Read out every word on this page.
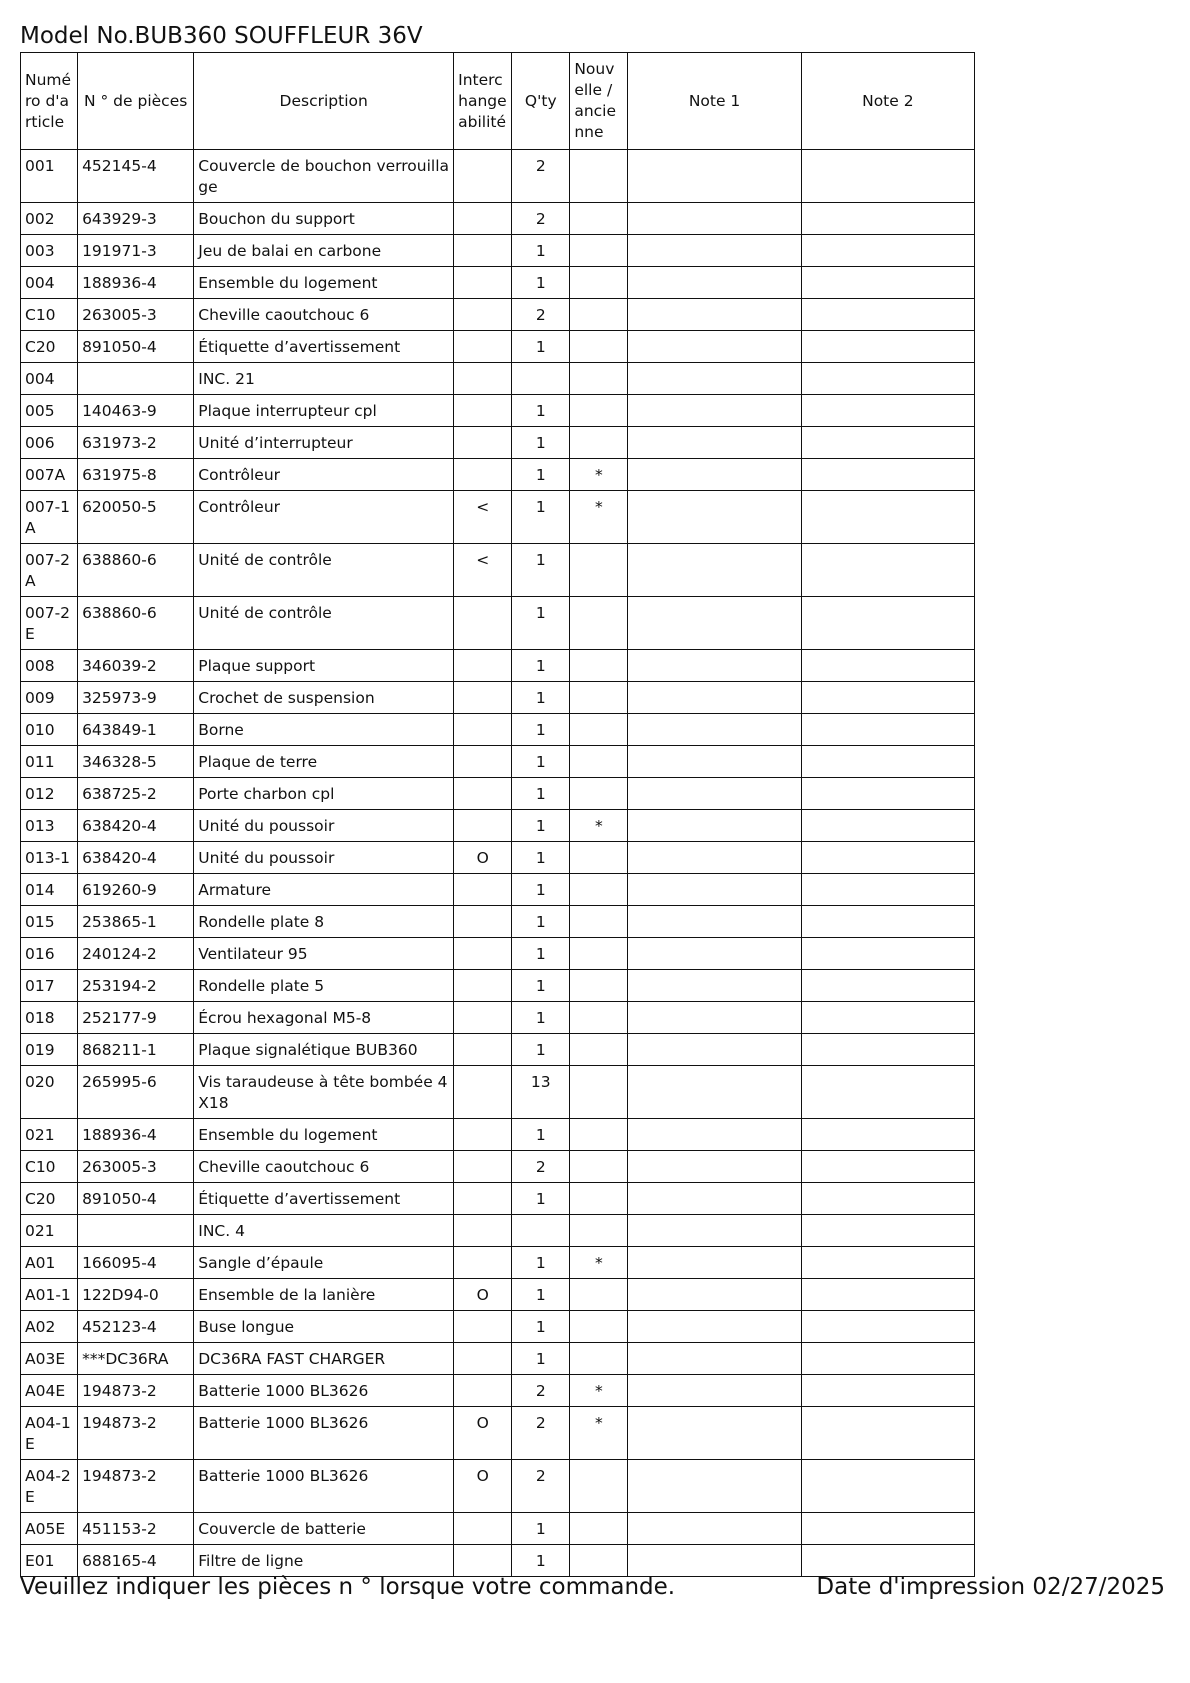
Model No.BUB360 SOUFFLEUR 36V
Numéro d'article	N ° de pièces	Description	Interchangeabilité	Q'ty	Nouvelle / ancienne	Note 1	Note 2
001	452145-4	Couvercle de bouchon verrouillage		2			
002	643929-3	Bouchon du support		2			
003	191971-3	Jeu de balai en carbone		1			
004	188936-4	Ensemble du logement		1			
C10	263005-3	Cheville caoutchouc 6		2			
C20	891050-4	Étiquette d’avertissement		1			
004		INC. 21					
005	140463-9	Plaque interrupteur cpl		1			
006	631973-2	Unité d’interrupteur		1			
007A	631975-8	Contrôleur		1	*		
007-1A	620050-5	Contrôleur	<	1	*		
007-2A	638860-6	Unité de contrôle	<	1			
007-2E	638860-6	Unité de contrôle		1			
008	346039-2	Plaque support		1			
009	325973-9	Crochet de suspension		1			
010	643849-1	Borne		1			
011	346328-5	Plaque de terre		1			
012	638725-2	Porte charbon cpl		1			
013	638420-4	Unité du poussoir		1	*		
013-1	638420-4	Unité du poussoir	O	1			
014	619260-9	Armature		1			
015	253865-1	Rondelle plate 8		1			
016	240124-2	Ventilateur 95		1			
017	253194-2	Rondelle plate 5		1			
018	252177-9	Écrou hexagonal M5-8		1			
019	868211-1	Plaque signalétique BUB360		1			
020	265995-6	Vis taraudeuse à tête bombée 4X18		13			
021	188936-4	Ensemble du logement		1			
C10	263005-3	Cheville caoutchouc 6		2			
C20	891050-4	Étiquette d’avertissement		1			
021		INC. 4					
A01	166095-4	Sangle d’épaule		1	*		
A01-1	122D94-0	Ensemble de la lanière	O	1			
A02	452123-4	Buse longue		1			
A03E	***DC36RA	DC36RA FAST CHARGER		1			
A04E	194873-2	Batterie 1000 BL3626		2	*		
A04-1E	194873-2	Batterie 1000 BL3626	O	2	*		
A04-2E	194873-2	Batterie 1000 BL3626	O	2			
A05E	451153-2	Couvercle de batterie		1			
E01	688165-4	Filtre de ligne		1			
Veuillez indiquer les pièces n ° lorsque votre commande.	Date d'impression 02/27/2025
